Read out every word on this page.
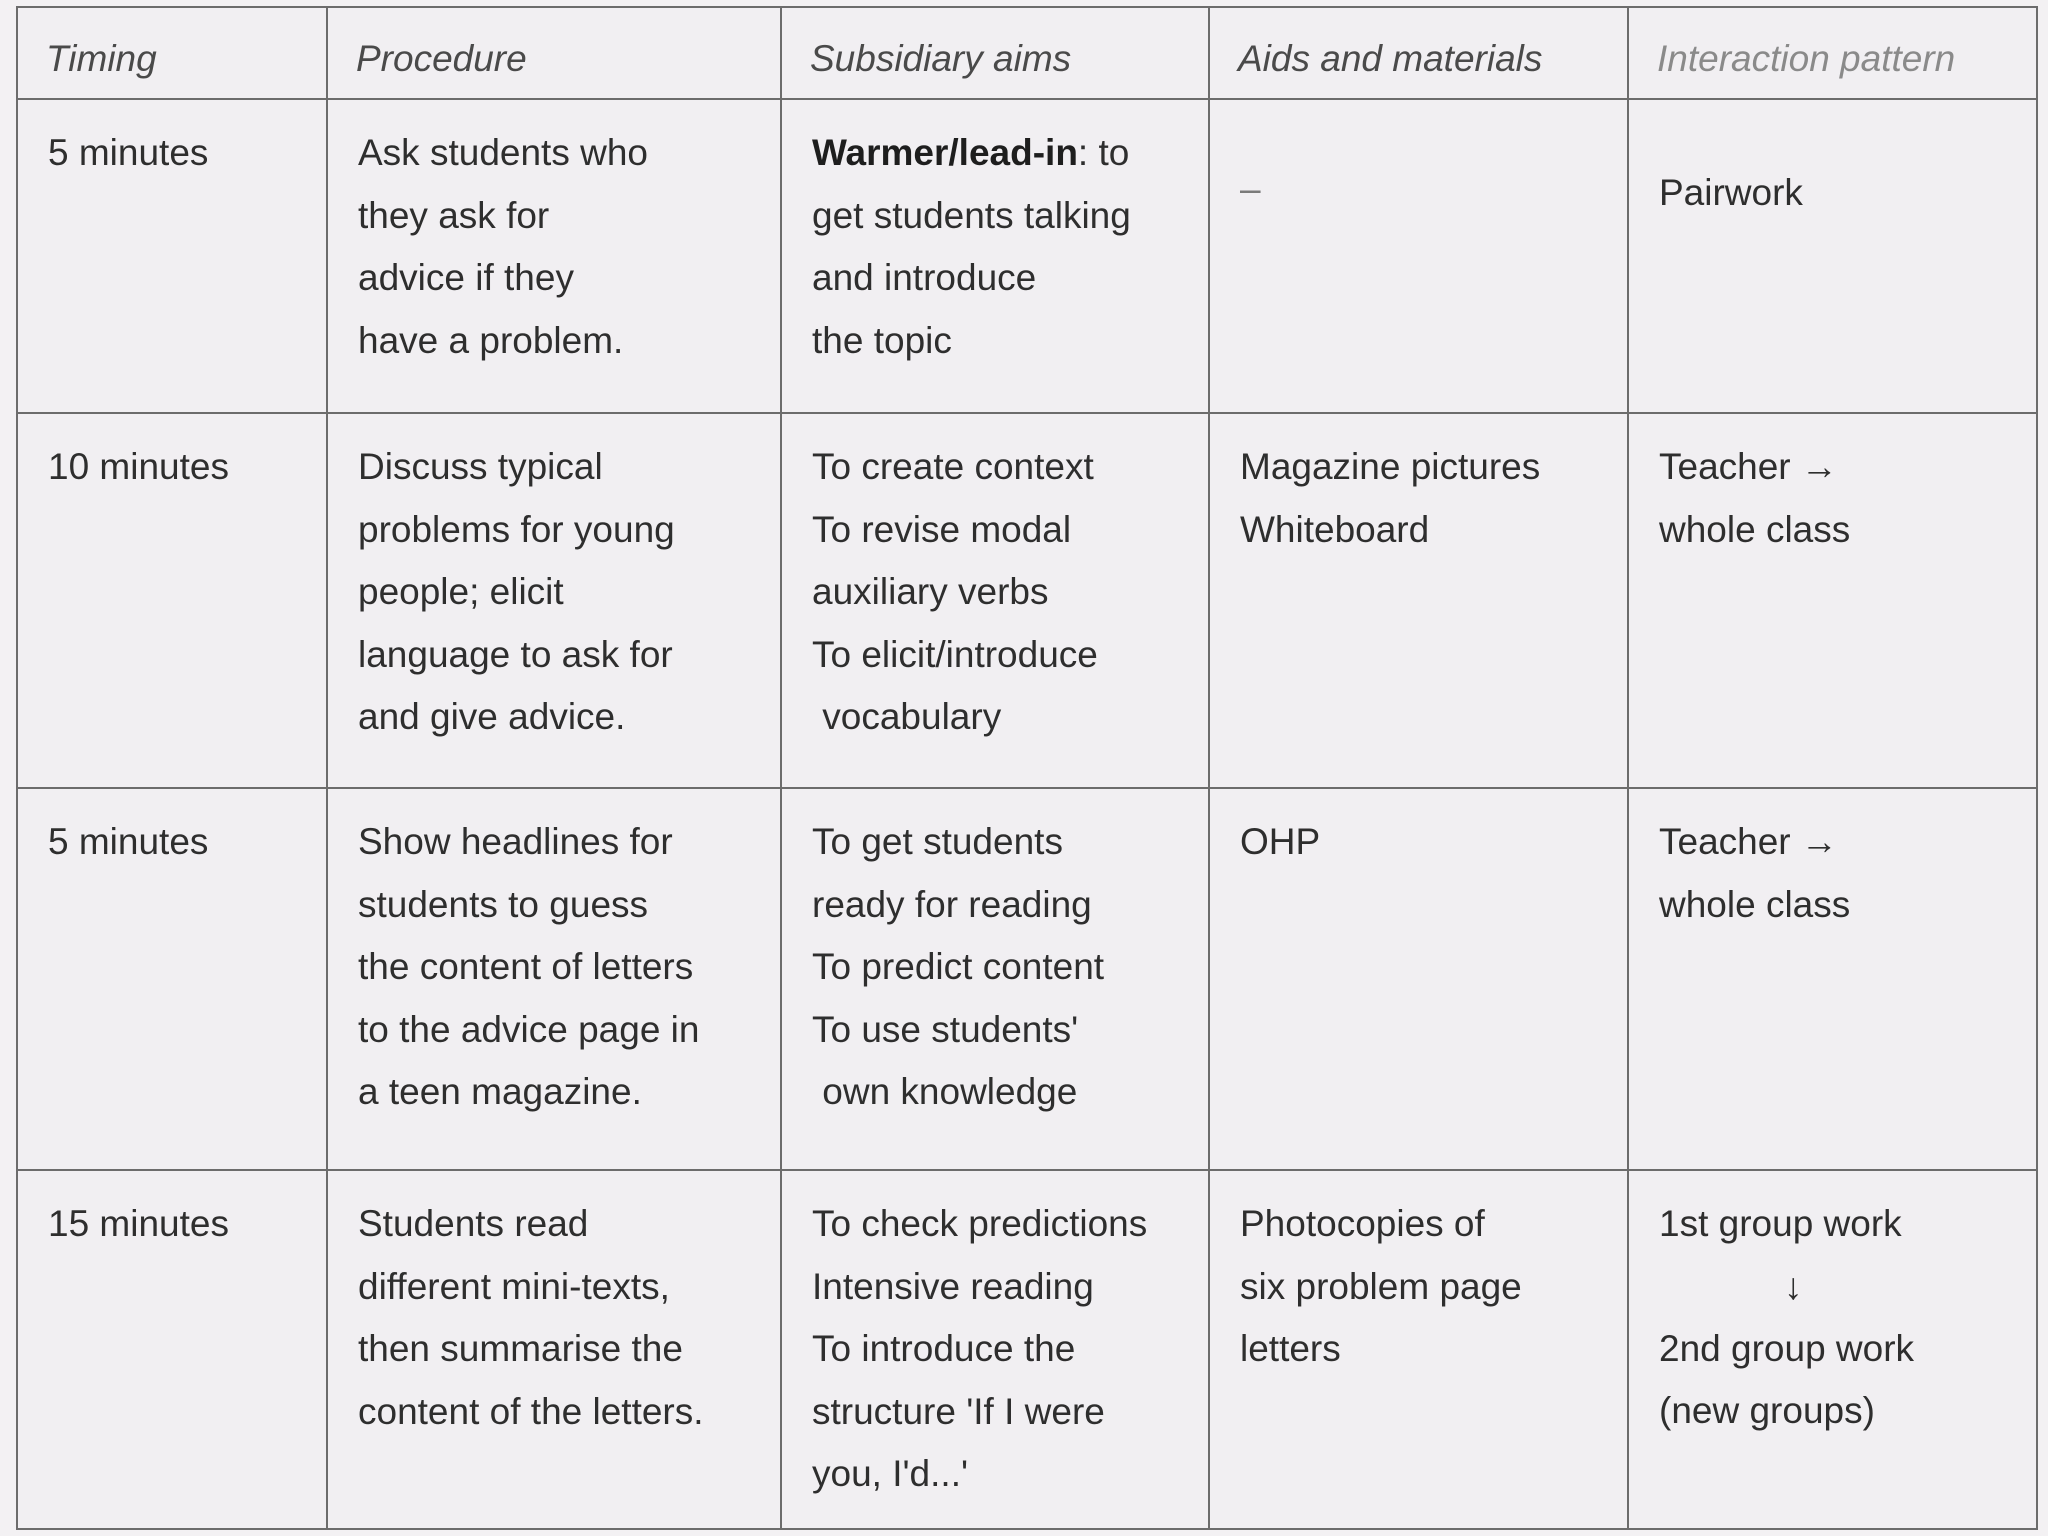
Timing	Procedure	Subsidiary aims	Aids and materials	Interaction pattern

5 minutes	Ask students who
they ask for
advice if they
have a problem.	Warmer/lead-in: to
get students talking
and introduce
the topic	–	Pairwork

10 minutes	Discuss typical
problems for young
people; elicit
language to ask for
and give advice.	To create context
To revise modal
auxiliary verbs
To elicit/introduce
vocabulary	Magazine pictures
Whiteboard	Teacher →
whole class

5 minutes	Show headlines for
students to guess
the content of letters
to the advice page in
a teen magazine.	To get students
ready for reading
To predict content
To use students'
own knowledge	OHP	Teacher →
whole class

15 minutes	Students read
different mini-texts,
then summarise the
content of the letters.	To check predictions
Intensive reading
To introduce the
structure 'If I were
you, I'd...'	Photocopies of
six problem page
letters	1st group work
↓
2nd group work
(new groups)
